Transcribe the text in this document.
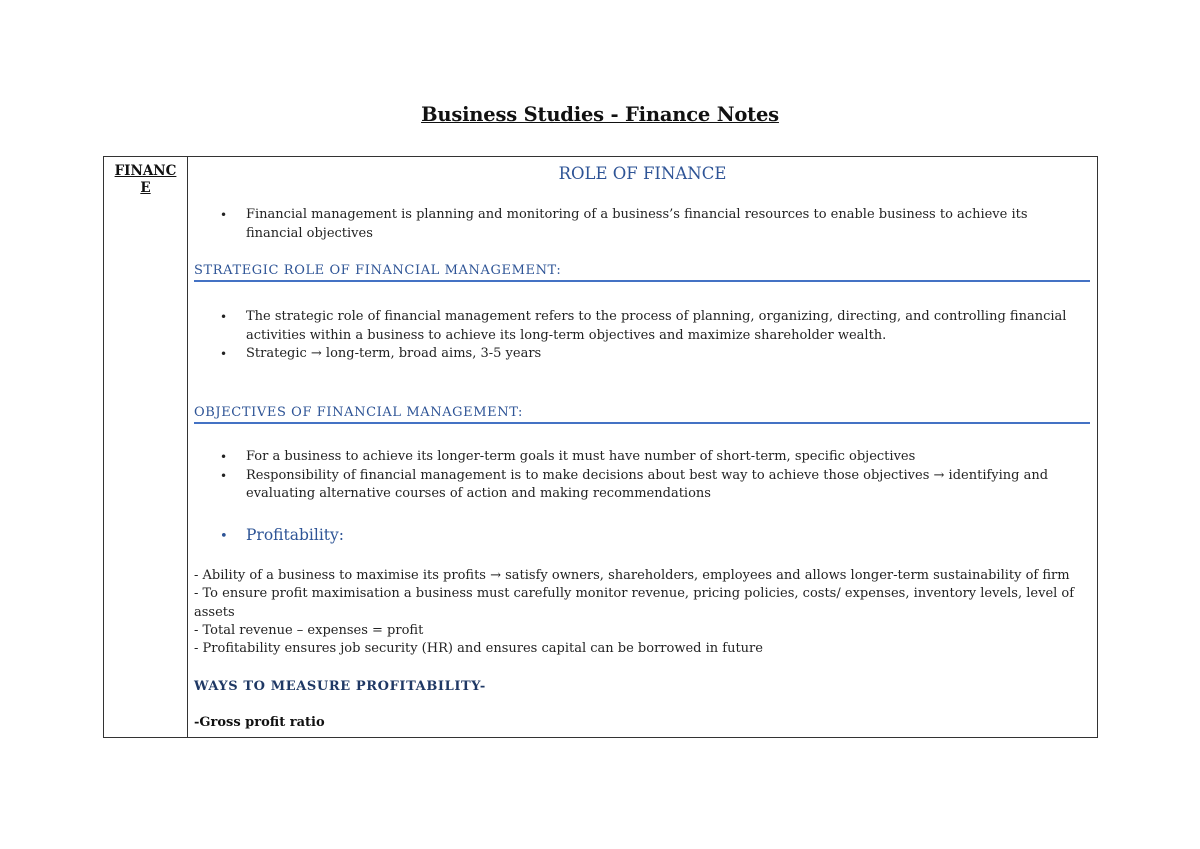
Business Studies - Finance Notes
FINANC E
ROLE OF FINANCE
• Financial management is planning and monitoring of a business’s financial resources to enable business to achieve its financial objectives
STRATEGIC ROLE OF FINANCIAL MANAGEMENT:
• The strategic role of financial management refers to the process of planning, organizing, directing, and controlling financial activities within a business to achieve its long-term objectives and maximize shareholder wealth.
• Strategic → long-term, broad aims, 3-5 years
OBJECTIVES OF FINANCIAL MANAGEMENT:
• For a business to achieve its longer-term goals it must have number of short-term, specific objectives
• Responsibility of financial management is to make decisions about best way to achieve those objectives → identifying and evaluating alternative courses of action and making recommendations
• Profitability:
- Ability of a business to maximise its profits → satisfy owners, shareholders, employees and allows longer-term sustainability of firm
- To ensure profit maximisation a business must carefully monitor revenue, pricing policies, costs/ expenses, inventory levels, level of assets
- Total revenue – expenses = profit
- Profitability ensures job security (HR) and ensures capital can be borrowed in future
WAYS TO MEASURE PROFITABILITY-
-Gross profit ratio
